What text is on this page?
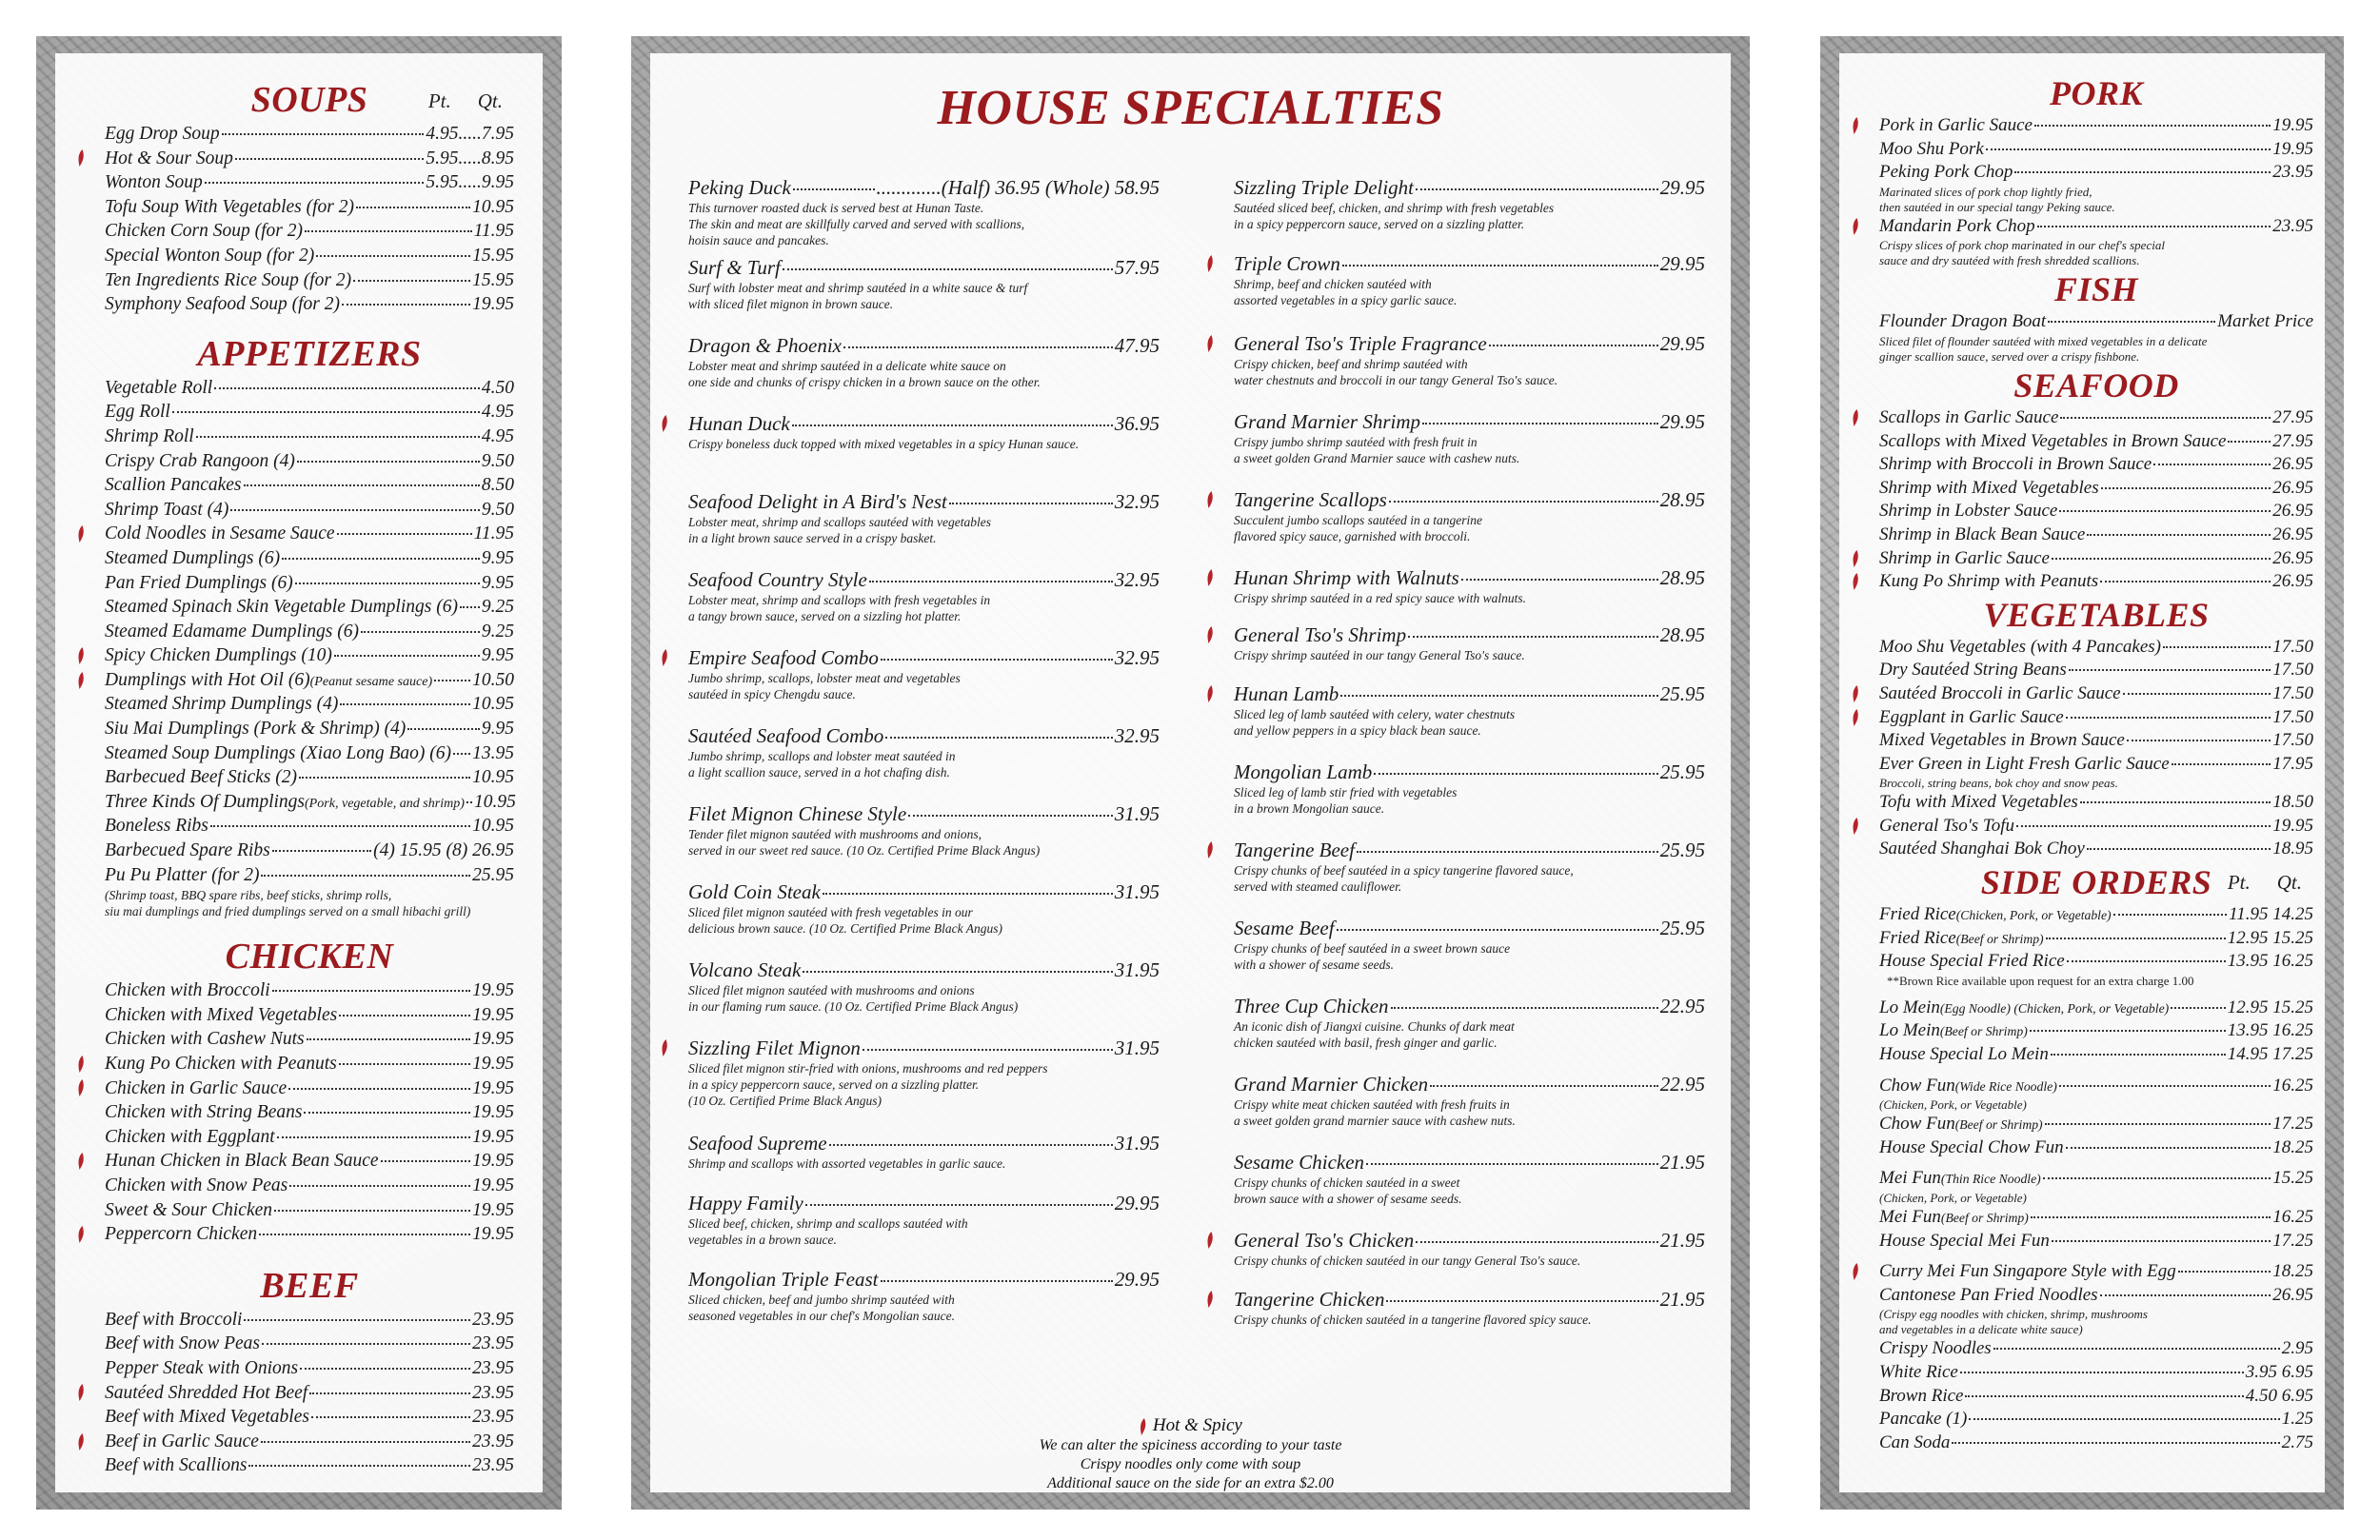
SOUPS	Pt. Qt.
Egg Drop Soup	4.95.....7.95
Hot & Sour Soup	5.95.....8.95
Wonton Soup	5.95.....9.95
Tofu Soup With Vegetables (for 2)	10.95
Chicken Corn Soup (for 2)	11.95
Special Wonton Soup (for 2)	15.95
Ten Ingredients Rice Soup (for 2)	15.95
Symphony Seafood Soup (for 2)	19.95
APPETIZERS
Vegetable Roll	4.50
Egg Roll	4.95
Shrimp Roll	4.95
Crispy Crab Rangoon (4)	9.50
Scallion Pancakes	8.50
Shrimp Toast (4)	9.50
Cold Noodles in Sesame Sauce	11.95
Steamed Dumplings (6)	9.95
Pan Fried Dumplings (6)	9.95
Steamed Spinach Skin Vegetable Dumplings (6) 9.25
Steamed Edamame Dumplings (6)	9.25
Spicy Chicken Dumplings (10)	9.95
Dumplings with Hot Oil (6) (Peanut sesame sauce) 10.50
Steamed Shrimp Dumplings (4)	10.95
Siu Mai Dumplings (Pork & Shrimp) (4)	9.95
Steamed Soup Dumplings (Xiao Long Bao) (6) 13.95
Barbecued Beef Sticks (2)	10.95
Three Kinds Of Dumplings (Pork, vegetable, and shrimp) 10.95
Boneless Ribs	10.95
Barbecued Spare Ribs	(4) 15.95 (8) 26.95
Pu Pu Platter (for 2)	25.95
(Shrimp toast, BBQ spare ribs, beef sticks, shrimp rolls,
siu mai dumplings and fried dumplings served on a small hibachi grill)
CHICKEN
Chicken with Broccoli	19.95
Chicken with Mixed Vegetables	19.95
Chicken with Cashew Nuts	19.95
Kung Po Chicken with Peanuts	19.95
Chicken in Garlic Sauce	19.95
Chicken with String Beans	19.95
Chicken with Eggplant	19.95
Hunan Chicken in Black Bean Sauce	19.95
Chicken with Snow Peas	19.95
Sweet & Sour Chicken	19.95
Peppercorn Chicken	19.95
BEEF
Beef with Broccoli	23.95
Beef with Snow Peas	23.95
Pepper Steak with Onions	23.95
Sautéed Shredded Hot Beef	23.95
Beef with Mixed Vegetables	23.95
Beef in Garlic Sauce	23.95
Beef with Scallions	23.95
HOUSE SPECIALTIES
Peking Duck	.............(Half) 36.95 (Whole) 58.95
This turnover roasted duck is served best at Hunan Taste.
The skin and meat are skillfully carved and served with scallions,
hoisin sauce and pancakes.
Surf & Turf	57.95
Surf with lobster meat and shrimp sautéed in a white sauce & turf
with sliced filet mignon in brown sauce.
Dragon & Phoenix	47.95
Lobster meat and shrimp sautéed in a delicate white sauce on
one side and chunks of crispy chicken in a brown sauce on the other.
Hunan Duck	36.95
Crispy boneless duck topped with mixed vegetables in a spicy Hunan sauce.
Seafood Delight in A Bird's Nest	32.95
Lobster meat, shrimp and scallops sautéed with vegetables
in a light brown sauce served in a crispy basket.
Seafood Country Style	32.95
Lobster meat, shrimp and scallops with fresh vegetables in
a tangy brown sauce, served on a sizzling hot platter.
Empire Seafood Combo	32.95
Jumbo shrimp, scallops, lobster meat and vegetables
sautéed in spicy Chengdu sauce.
Sautéed Seafood Combo	32.95
Jumbo shrimp, scallops and lobster meat sautéed in
a light scallion sauce, served in a hot chafing dish.
Filet Mignon Chinese Style	31.95
Tender filet mignon sautéed with mushrooms and onions,
served in our sweet red sauce. (10 Oz. Certified Prime Black Angus)
Gold Coin Steak	31.95
Sliced filet mignon sautéed with fresh vegetables in our
delicious brown sauce. (10 Oz. Certified Prime Black Angus)
Volcano Steak	31.95
Sliced filet mignon sautéed with mushrooms and onions
in our flaming rum sauce. (10 Oz. Certified Prime Black Angus)
Sizzling Filet Mignon	31.95
Sliced filet mignon stir-fried with onions, mushrooms and red peppers
in a spicy peppercorn sauce, served on a sizzling platter.
(10 Oz. Certified Prime Black Angus)
Seafood Supreme	31.95
Shrimp and scallops with assorted vegetables in garlic sauce.
Happy Family	29.95
Sliced beef, chicken, shrimp and scallops sautéed with
vegetables in a brown sauce.
Mongolian Triple Feast	29.95
Sliced chicken, beef and jumbo shrimp sautéed with
seasoned vegetables in our chef's Mongolian sauce.
Sizzling Triple Delight	29.95
Sautéed sliced beef, chicken, and shrimp with fresh vegetables
in a spicy peppercorn sauce, served on a sizzling platter.
Triple Crown	29.95
Shrimp, beef and chicken sautéed with
assorted vegetables in a spicy garlic sauce.
General Tso's Triple Fragrance	29.95
Crispy chicken, beef and shrimp sautéed with
water chestnuts and broccoli in our tangy General Tso's sauce.
Grand Marnier Shrimp	29.95
Crispy jumbo shrimp sautéed with fresh fruit in
a sweet golden Grand Marnier sauce with cashew nuts.
Tangerine Scallops	28.95
Succulent jumbo scallops sautéed in a tangerine
flavored spicy sauce, garnished with broccoli.
Hunan Shrimp with Walnuts	28.95
Crispy shrimp sautéed in a red spicy sauce with walnuts.
General Tso's Shrimp	28.95
Crispy shrimp sautéed in our tangy General Tso's sauce.
Hunan Lamb	25.95
Sliced leg of lamb sautéed with celery, water chestnuts
and yellow peppers in a spicy black bean sauce.
Mongolian Lamb	25.95
Sliced leg of lamb stir fried with vegetables
in a brown Mongolian sauce.
Tangerine Beef	25.95
Crispy chunks of beef sautéed in a spicy tangerine flavored sauce,
served with steamed cauliflower.
Sesame Beef	25.95
Crispy chunks of beef sautéed in a sweet brown sauce
with a shower of sesame seeds.
Three Cup Chicken	22.95
An iconic dish of Jiangxi cuisine. Chunks of dark meat
chicken sautéed with basil, fresh ginger and garlic.
Grand Marnier Chicken	22.95
Crispy white meat chicken sautéed with fresh fruits in
a sweet golden grand marnier sauce with cashew nuts.
Sesame Chicken	21.95
Crispy chunks of chicken sautéed in a sweet
brown sauce with a shower of sesame seeds.
General Tso's Chicken	21.95
Crispy chunks of chicken sautéed in our tangy General Tso's sauce.
Tangerine Chicken	21.95
Crispy chunks of chicken sautéed in a tangerine flavored spicy sauce.
Hot & Spicy
We can alter the spiciness according to your taste
Crispy noodles only come with soup
Additional sauce on the side for an extra $2.00
PORK
Pork in Garlic Sauce	19.95
Moo Shu Pork	19.95
Peking Pork Chop	23.95
Marinated slices of pork chop lightly fried,
then sautéed in our special tangy Peking sauce.
Mandarin Pork Chop	23.95
Crispy slices of pork chop marinated in our chef's special
sauce and dry sautéed with fresh shredded scallions.
FISH
Flounder Dragon Boat	Market Price
Sliced filet of flounder sautéed with mixed vegetables in a delicate
ginger scallion sauce, served over a crispy fishbone.
SEAFOOD
Scallops in Garlic Sauce	27.95
Scallops with Mixed Vegetables in Brown Sauce	27.95
Shrimp with Broccoli in Brown Sauce	26.95
Shrimp with Mixed Vegetables	26.95
Shrimp in Lobster Sauce	26.95
Shrimp in Black Bean Sauce	26.95
Shrimp in Garlic Sauce	26.95
Kung Po Shrimp with Peanuts	26.95
VEGETABLES
Moo Shu Vegetables (with 4 Pancakes)	17.50
Dry Sautéed String Beans	17.50
Sautéed Broccoli in Garlic Sauce	17.50
Eggplant in Garlic Sauce	17.50
Mixed Vegetables in Brown Sauce	17.50
Ever Green in Light Fresh Garlic Sauce	17.95
Broccoli, string beans, bok choy and snow peas.
Tofu with Mixed Vegetables	18.50
General Tso's Tofu	19.95
Sautéed Shanghai Bok Choy	18.95
SIDE ORDERS Pt. Qt.
Fried Rice (Chicken, Pork, or Vegetable)	11.95 14.25
Fried Rice (Beef or Shrimp)	12.95 15.25
House Special Fried Rice	13.95 16.25
**Brown Rice available upon request for an extra charge 1.00
Lo Mein (Egg Noodle) (Chicken, Pork, or Vegetable)	12.95 15.25
Lo Mein (Beef or Shrimp)	13.95 16.25
House Special Lo Mein	14.95 17.25
Chow Fun (Wide Rice Noodle)	16.25
(Chicken, Pork, or Vegetable)
Chow Fun (Beef or Shrimp)	17.25
House Special Chow Fun	18.25
Mei Fun (Thin Rice Noodle)	15.25
(Chicken, Pork, or Vegetable)
Mei Fun (Beef or Shrimp)	16.25
House Special Mei Fun	17.25
Curry Mei Fun Singapore Style with Egg	18.25
Cantonese Pan Fried Noodles	26.95
(Crispy egg noodles with chicken, shrimp, mushrooms
and vegetables in a delicate white sauce)
Crispy Noodles	2.95
White Rice	3.95 6.95
Brown Rice	4.50 6.95
Pancake (1)	1.25
Can Soda	2.75
